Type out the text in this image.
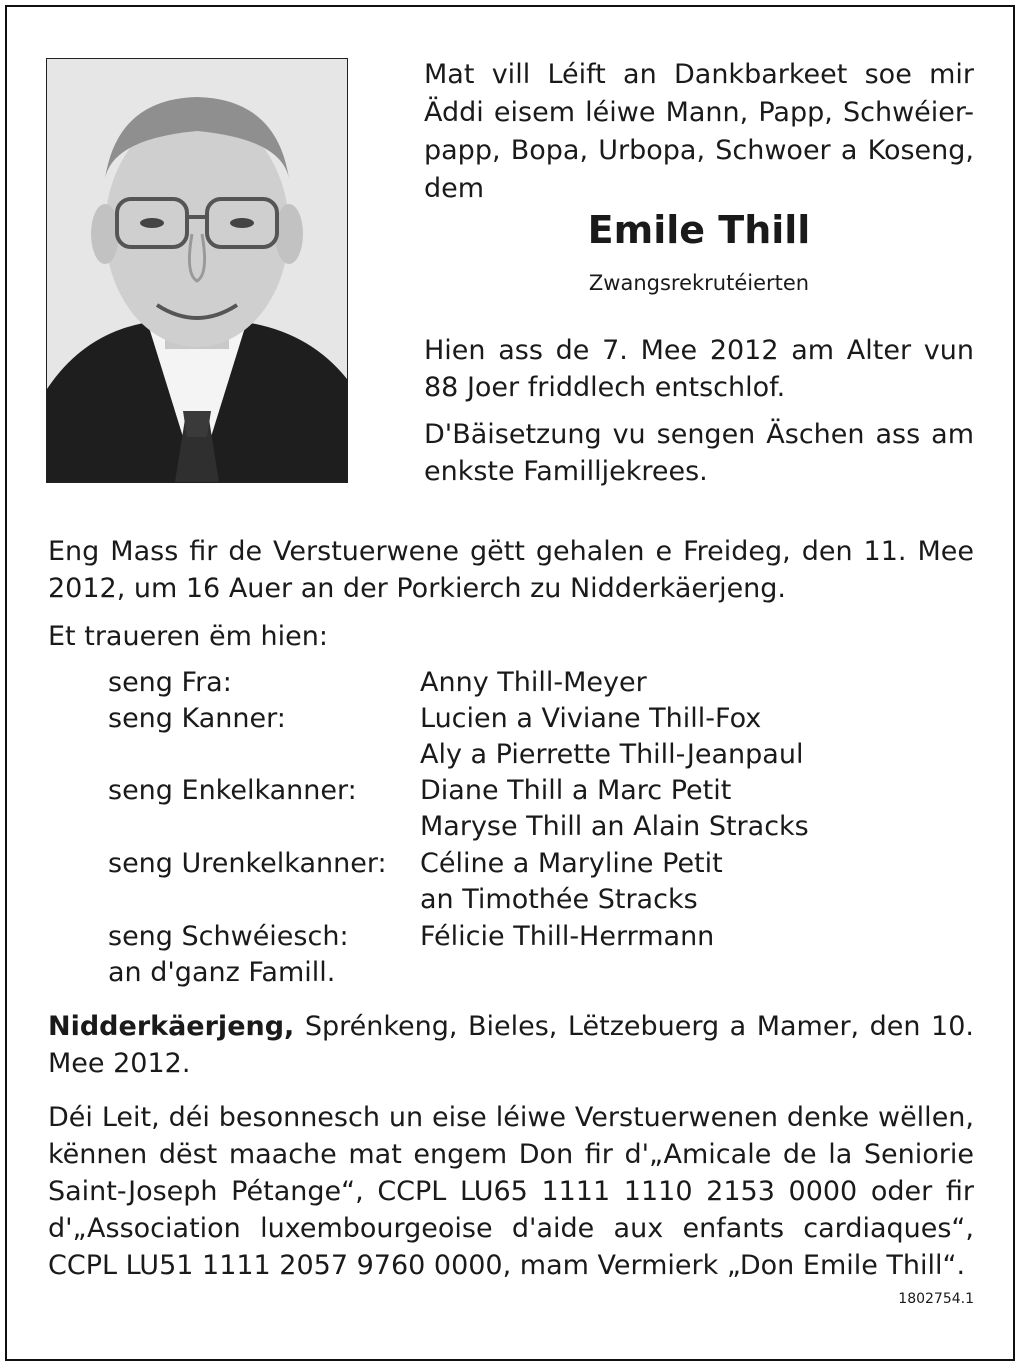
Mat vill Léift an Dankbarkeet soe mir Äddi eisem léiwe Mann, Papp, Schwéier-papp, Bopa, Urbopa, Schwoer a Koseng, dem
Emile Thill
Zwangsrekrutéierten
Hien ass de 7. Mee 2012 am Alter vun 88 Joer friddlech entschlof.
D'Bäisetzung vu sengen Äschen ass am enkste Familljekrees.
Eng Mass fir de Verstuerwene gëtt gehalen e Freideg, den 11. Mee 2012, um 16 Auer an der Porkierch zu Nidderkäerjeng.
Et traueren ëm hien:
seng Fra:	Anny Thill-Meyer
seng Kanner:	Lucien a Viviane Thill-Fox
Aly a Pierrette Thill-Jeanpaul
seng Enkelkanner: Diane Thill a Marc Petit
Maryse Thill an Alain Stracks
seng Urenkelkanner: Céline a Maryline Petit
an Timothée Stracks
seng Schwéiesch:	Félicie Thill-Herrmann
an d'ganz Famill.
Nidderkäerjeng, Sprénkeng, Bieles, Lëtzebuerg a Mamer, den 10. Mee 2012.
Déi Leit, déi besonnesch un eise léiwe Verstuerwenen denke wëllen, kënnen dëst maache mat engem Don fir d'„Amicale de la Seniorie Saint-Joseph Pétange“, CCPL LU65 1111 1110 2153 0000 oder fir d'„Association luxembourgeoise d'aide aux enfants cardiaques“, CCPL LU51 1111 2057 9760 0000, mam Vermierk „Don Emile Thill“.
1802754.1
